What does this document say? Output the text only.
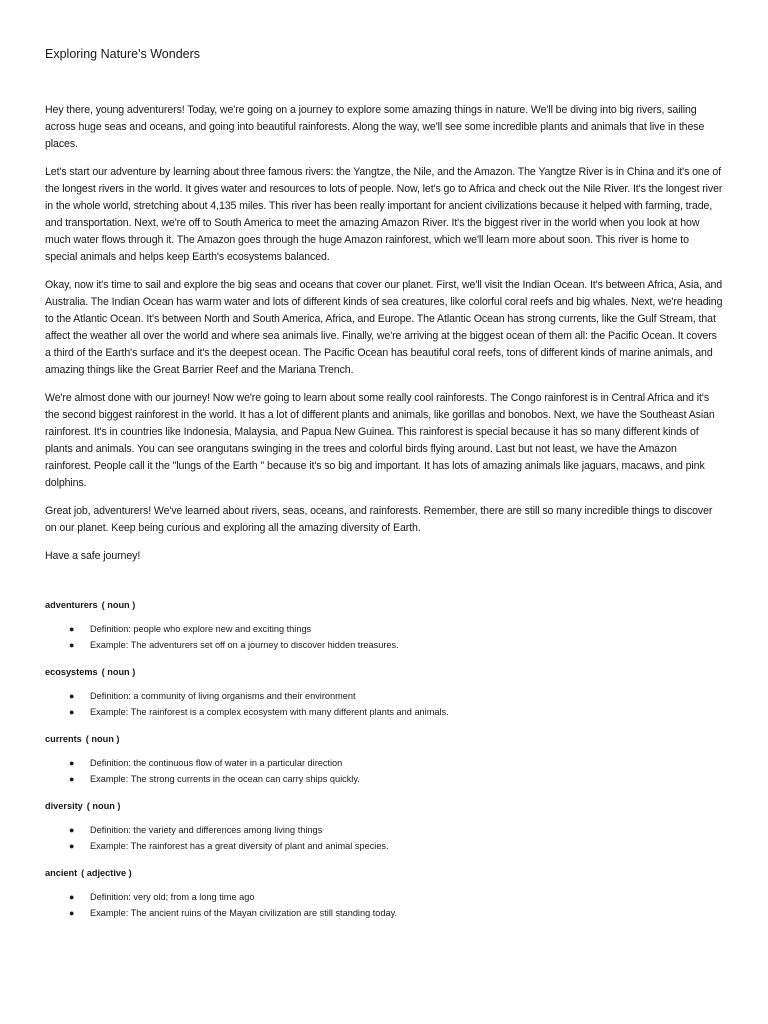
Exploring Nature's Wonders

Hey there, young adventurers! Today, we're going on a journey to explore some amazing things in nature. We'll be diving into big rivers, sailing across huge seas and oceans, and going into beautiful rainforests. Along the way, we'll see some incredible plants and animals that live in these places.

Let's start our adventure by learning about three famous rivers: the Yangtze, the Nile, and the Amazon. The Yangtze River is in China and it's one of the longest rivers in the world. It gives water and resources to lots of people. Now, let's go to Africa and check out the Nile River. It's the longest river in the whole world, stretching about 4,135 miles. This river has been really important for ancient civilizations because it helped with farming, trade, and transportation. Next, we're off to South America to meet the amazing Amazon River. It's the biggest river in the world when you look at how much water flows through it. The Amazon goes through the huge Amazon rainforest, which we'll learn more about soon. This river is home to special animals and helps keep Earth's ecosystems balanced.

Okay, now it's time to sail and explore the big seas and oceans that cover our planet. First, we'll visit the Indian Ocean. It's between Africa, Asia, and Australia. The Indian Ocean has warm water and lots of different kinds of sea creatures, like colorful coral reefs and big whales. Next, we're heading to the Atlantic Ocean. It's between North and South America, Africa, and Europe. The Atlantic Ocean has strong currents, like the Gulf Stream, that affect the weather all over the world and where sea animals live. Finally, we're arriving at the biggest ocean of them all: the Pacific Ocean. It covers a third of the Earth's surface and it's the deepest ocean. The Pacific Ocean has beautiful coral reefs, tons of different kinds of marine animals, and amazing things like the Great Barrier Reef and the Mariana Trench.

We're almost done with our journey! Now we're going to learn about some really cool rainforests. The Congo rainforest is in Central Africa and it's the second biggest rainforest in the world. It has a lot of different plants and animals, like gorillas and bonobos. Next, we have the Southeast Asian rainforest. It's in countries like Indonesia, Malaysia, and Papua New Guinea. This rainforest is special because it has so many different kinds of plants and animals. You can see orangutans swinging in the trees and colorful birds flying around. Last but not least, we have the Amazon rainforest. People call it the "lungs of the Earth '' because it's so big and important. It has lots of amazing animals like jaguars, macaws, and pink dolphins.

Great job, adventurers! We've learned about rivers, seas, oceans, and rainforests. Remember, there are still so many incredible things to discover on our planet. Keep being curious and exploring all the amazing diversity of Earth.

Have a safe journey!

adventurers ( noun )
● Definition: people who explore new and exciting things
● Example: The adventurers set off on a journey to discover hidden treasures.
ecosystems ( noun )
● Definition: a community of living organisms and their environment
● Example: The rainforest is a complex ecosystem with many different plants and animals.
currents ( noun )
● Definition: the continuous flow of water in a particular direction
● Example: The strong currents in the ocean can carry ships quickly.
diversity ( noun )
● Definition: the variety and differences among living things
● Example: The rainforest has a great diversity of plant and animal species.
ancient ( adjective )
● Definition: very old; from a long time ago
● Example: The ancient ruins of the Mayan civilization are still standing today.
